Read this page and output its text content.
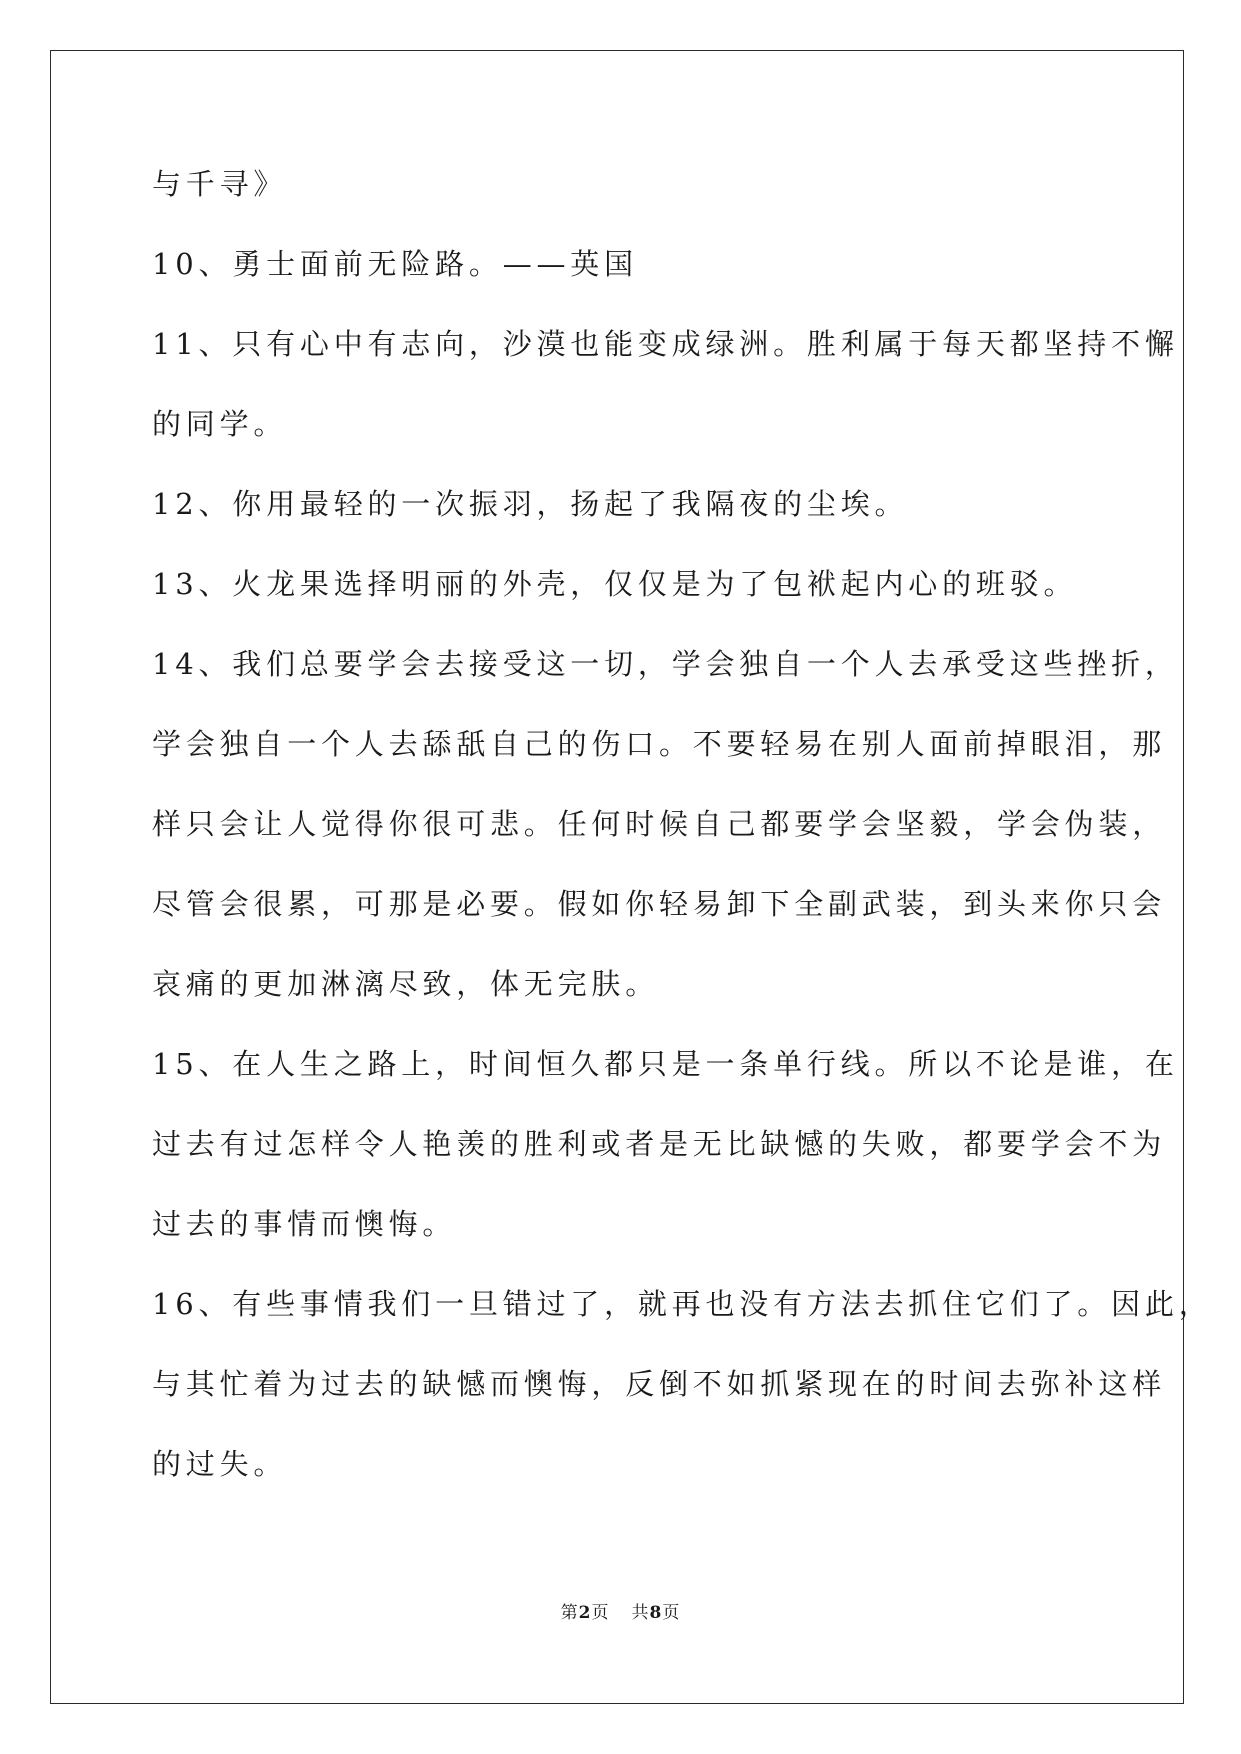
与千寻》
10、勇士面前无险路。——英国
11、只有心中有志向，沙漠也能变成绿洲。胜利属于每天都坚持不懈
的同学。
12、你用最轻的一次振羽，扬起了我隔夜的尘埃。
13、火龙果选择明丽的外壳，仅仅是为了包袱起内心的班驳。
14、我们总要学会去接受这一切，学会独自一个人去承受这些挫折，
学会独自一个人去舔舐自己的伤口。不要轻易在别人面前掉眼泪，那
样只会让人觉得你很可悲。任何时候自己都要学会坚毅，学会伪装，
尽管会很累，可那是必要。假如你轻易卸下全副武装，到头来你只会
哀痛的更加淋漓尽致，体无完肤。
15、在人生之路上，时间恒久都只是一条单行线。所以不论是谁，在
过去有过怎样令人艳羡的胜利或者是无比缺憾的失败，都要学会不为
过去的事情而懊悔。
16、有些事情我们一旦错过了，就再也没有方法去抓住它们了。因此，
与其忙着为过去的缺憾而懊悔，反倒不如抓紧现在的时间去弥补这样
的过失。
第2页 共8页
